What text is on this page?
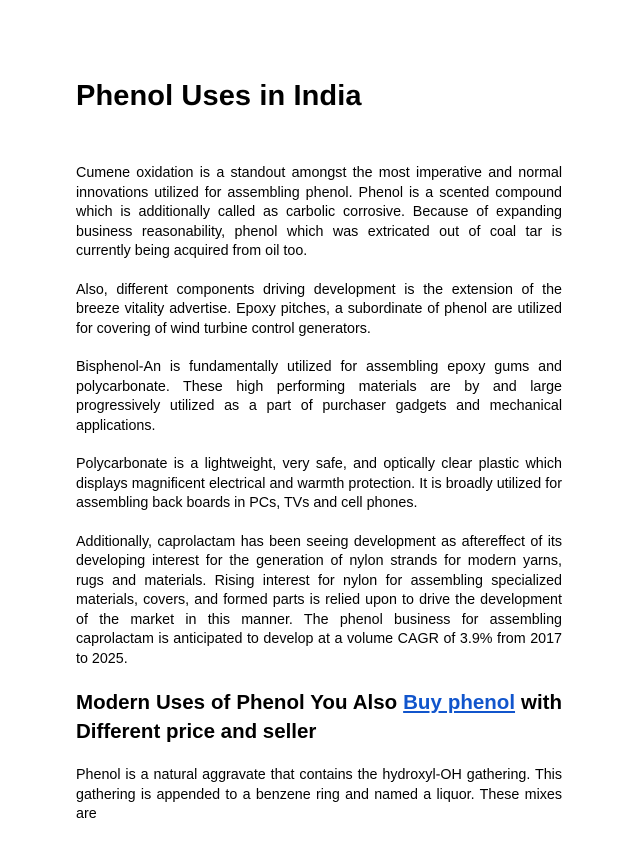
Phenol Uses in India

Cumene oxidation is a standout amongst the most imperative and normal innovations utilized for assembling phenol. Phenol is a scented compound which is additionally called as carbolic corrosive. Because of expanding business reasonability, phenol which was extricated out of coal tar is currently being acquired from oil too.

Also, different components driving development is the extension of the breeze vitality advertise. Epoxy pitches, a subordinate of phenol are utilized for covering of wind turbine control generators.

Bisphenol-An is fundamentally utilized for assembling epoxy gums and polycarbonate. These high performing materials are by and large progressively utilized as a part of purchaser gadgets and mechanical applications.

Polycarbonate is a lightweight, very safe, and optically clear plastic which displays magnificent electrical and warmth protection. It is broadly utilized for assembling back boards in PCs, TVs and cell phones.

Additionally, caprolactam has been seeing development as aftereffect of its developing interest for the generation of nylon strands for modern yarns, rugs and materials. Rising interest for nylon for assembling specialized materials, covers, and formed parts is relied upon to drive the development of the market in this manner. The phenol business for assembling caprolactam is anticipated to develop at a volume CAGR of 3.9% from 2017 to 2025.

Modern Uses of Phenol You Also Buy phenol with Different price and seller

Phenol is a natural aggravate that contains the hydroxyl-OH gathering. This gathering is appended to a benzene ring and named a liquor. These mixes are
